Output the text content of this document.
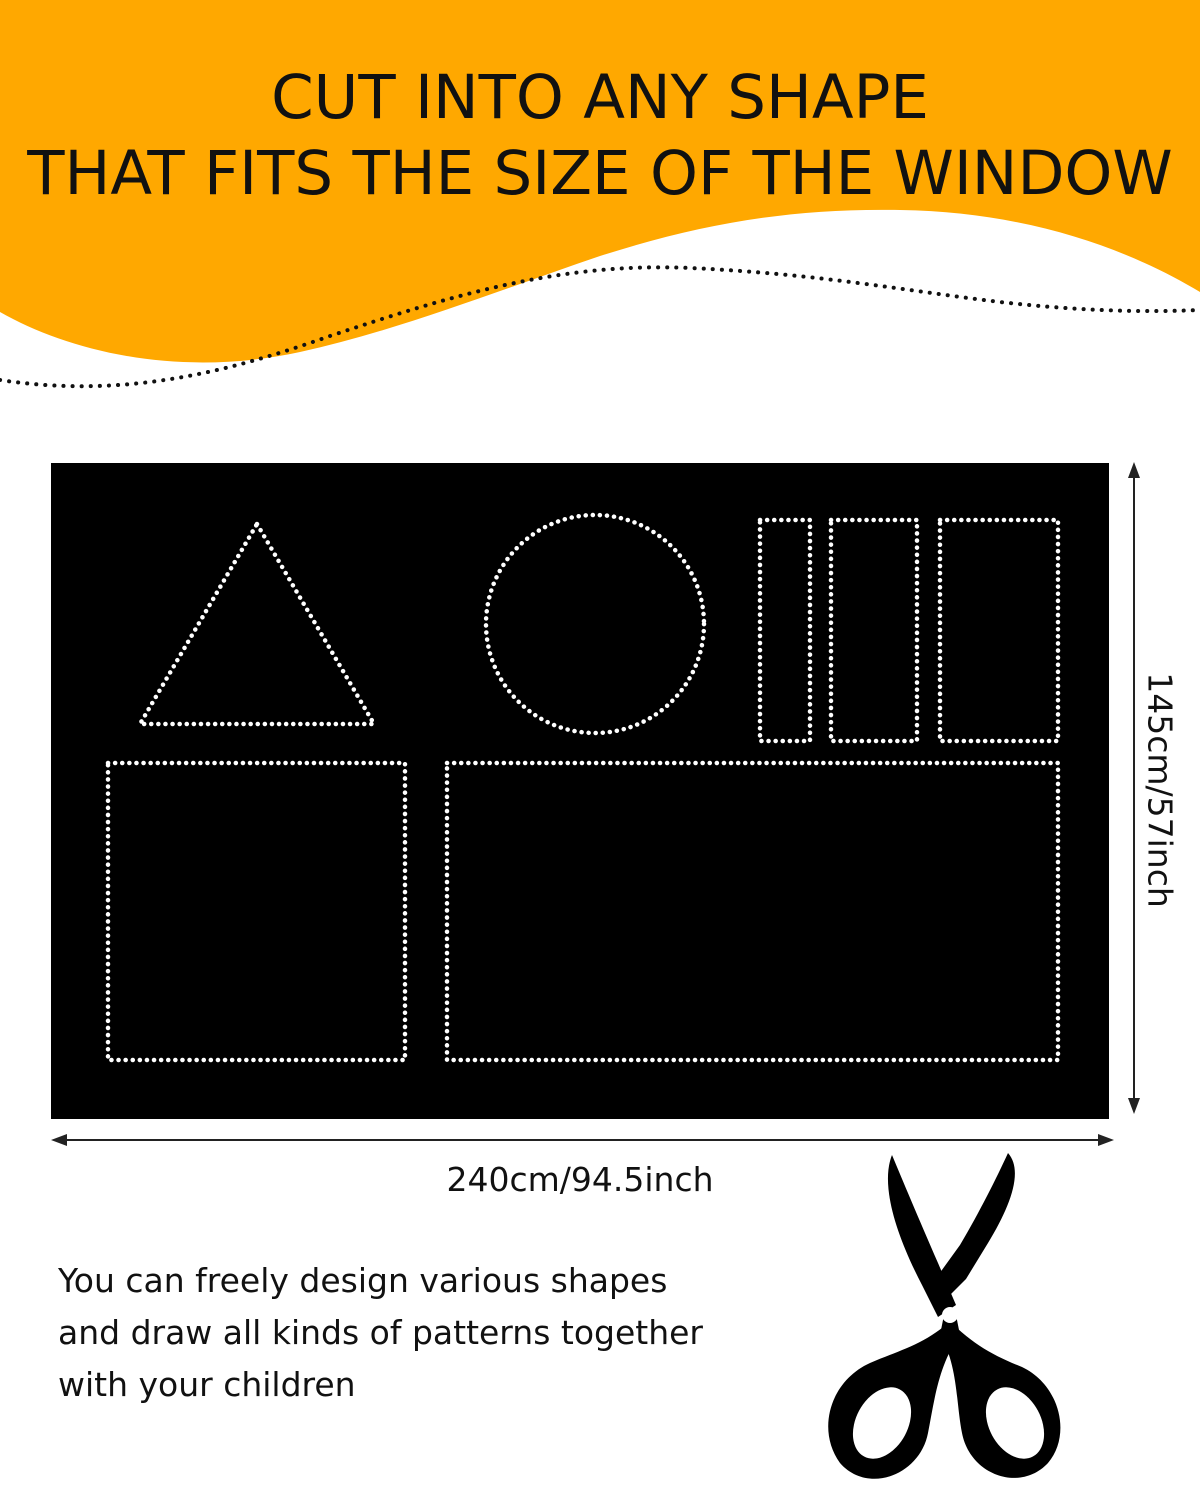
CUT INTO ANY SHAPE
THAT FITS THE SIZE OF THE WINDOW
240cm/94.5inch
145cm/57inch
You can freely design various shapes
and draw all kinds of patterns together
with your children
